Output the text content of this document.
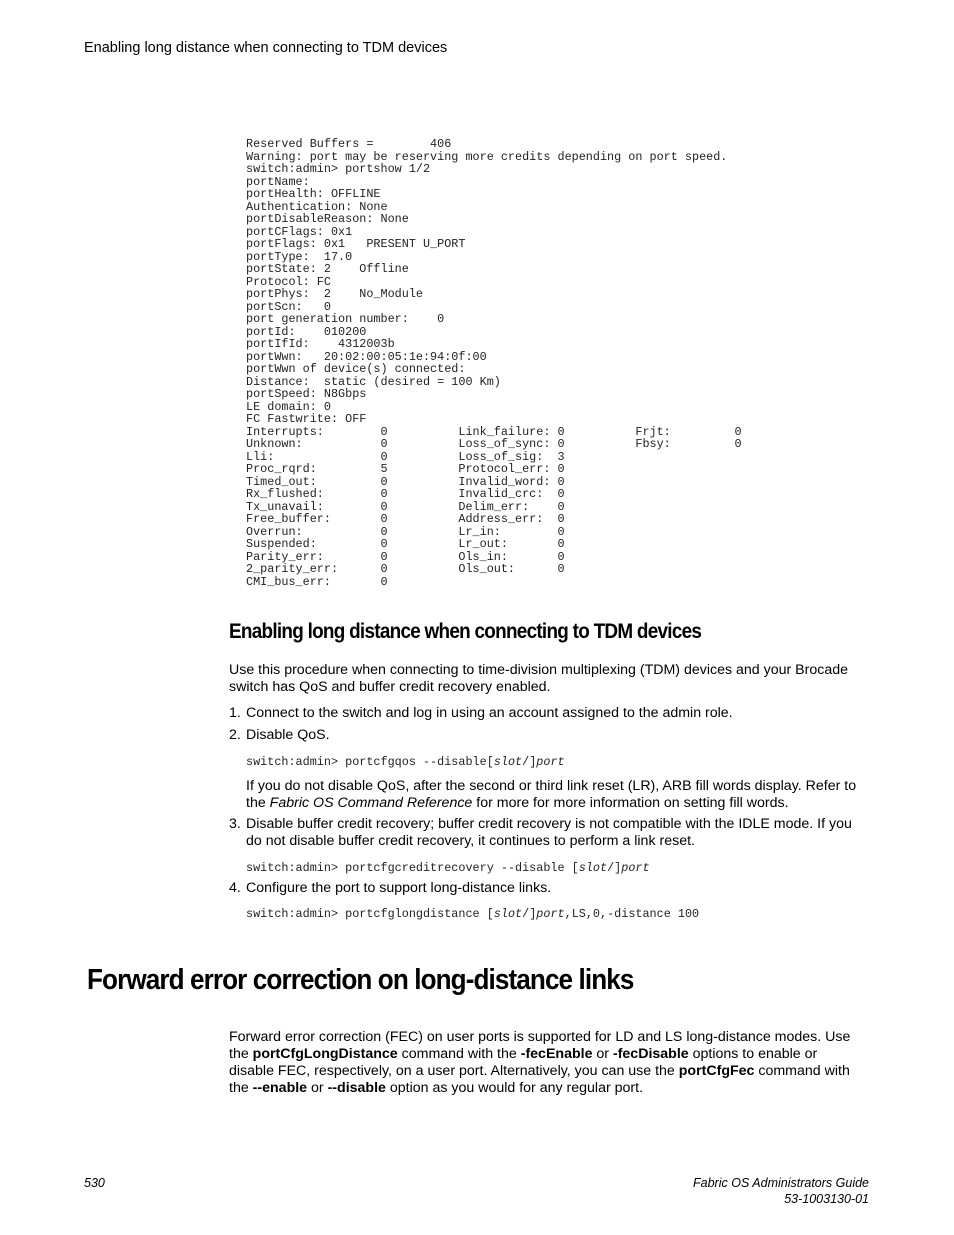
Enabling long distance when connecting to TDM devices
Reserved Buffers =        406
Warning: port may be reserving more credits depending on port speed.
switch:admin> portshow 1/2
portName:
portHealth: OFFLINE
Authentication: None
portDisableReason: None
portCFlags: 0x1
portFlags: 0x1   PRESENT U_PORT
portType:  17.0
portState: 2    Offline
Protocol: FC
portPhys:  2    No_Module
portScn:   0
port generation number:    0
portId:    010200
portIfId:    4312003b
portWwn:   20:02:00:05:1e:94:0f:00
portWwn of device(s) connected:
Distance:  static (desired = 100 Km)
portSpeed: N8Gbps
LE domain: 0
FC Fastwrite: OFF
Interrupts:        0          Link_failure: 0          Frjt:         0
Unknown:           0          Loss_of_sync: 0          Fbsy:         0
Lli:               0          Loss_of_sig:  3
Proc_rqrd:         5          Protocol_err: 0
Timed_out:         0          Invalid_word: 0
Rx_flushed:        0          Invalid_crc:  0
Tx_unavail:        0          Delim_err:    0
Free_buffer:       0          Address_err:  0
Overrun:           0          Lr_in:        0
Suspended:         0          Lr_out:       0
Parity_err:        0          Ols_in:       0
2_parity_err:      0          Ols_out:      0
CMI_bus_err:       0
Enabling long distance when connecting to TDM devices

Use this procedure when connecting to time-division multiplexing (TDM) devices and your Brocade switch has QoS and buffer credit recovery enabled.

1. Connect to the switch and log in using an account assigned to the admin role.
2. Disable QoS.
switch:admin> portcfgqos --disable[slot/]port

If you do not disable QoS, after the second or third link reset (LR), ARB fill words display. Refer to the Fabric OS Command Reference for more for more information on setting fill words.

3. Disable buffer credit recovery; buffer credit recovery is not compatible with the IDLE mode. If you do not disable buffer credit recovery, it continues to perform a link reset.
switch:admin> portcfgcreditrecovery --disable [slot/]port
4. Configure the port to support long-distance links.
switch:admin> portcfglongdistance [slot/]port,LS,0,-distance 100
Forward error correction on long-distance links

Forward error correction (FEC) on user ports is supported for LD and LS long-distance modes. Use the portCfgLongDistance command with the -fecEnable or -fecDisable options to enable or disable FEC, respectively, on a user port. Alternatively, you can use the portCfgFec command with the --enable or --disable option as you would for any regular port.

530	Fabric OS Administrators Guide
53-1003130-01
